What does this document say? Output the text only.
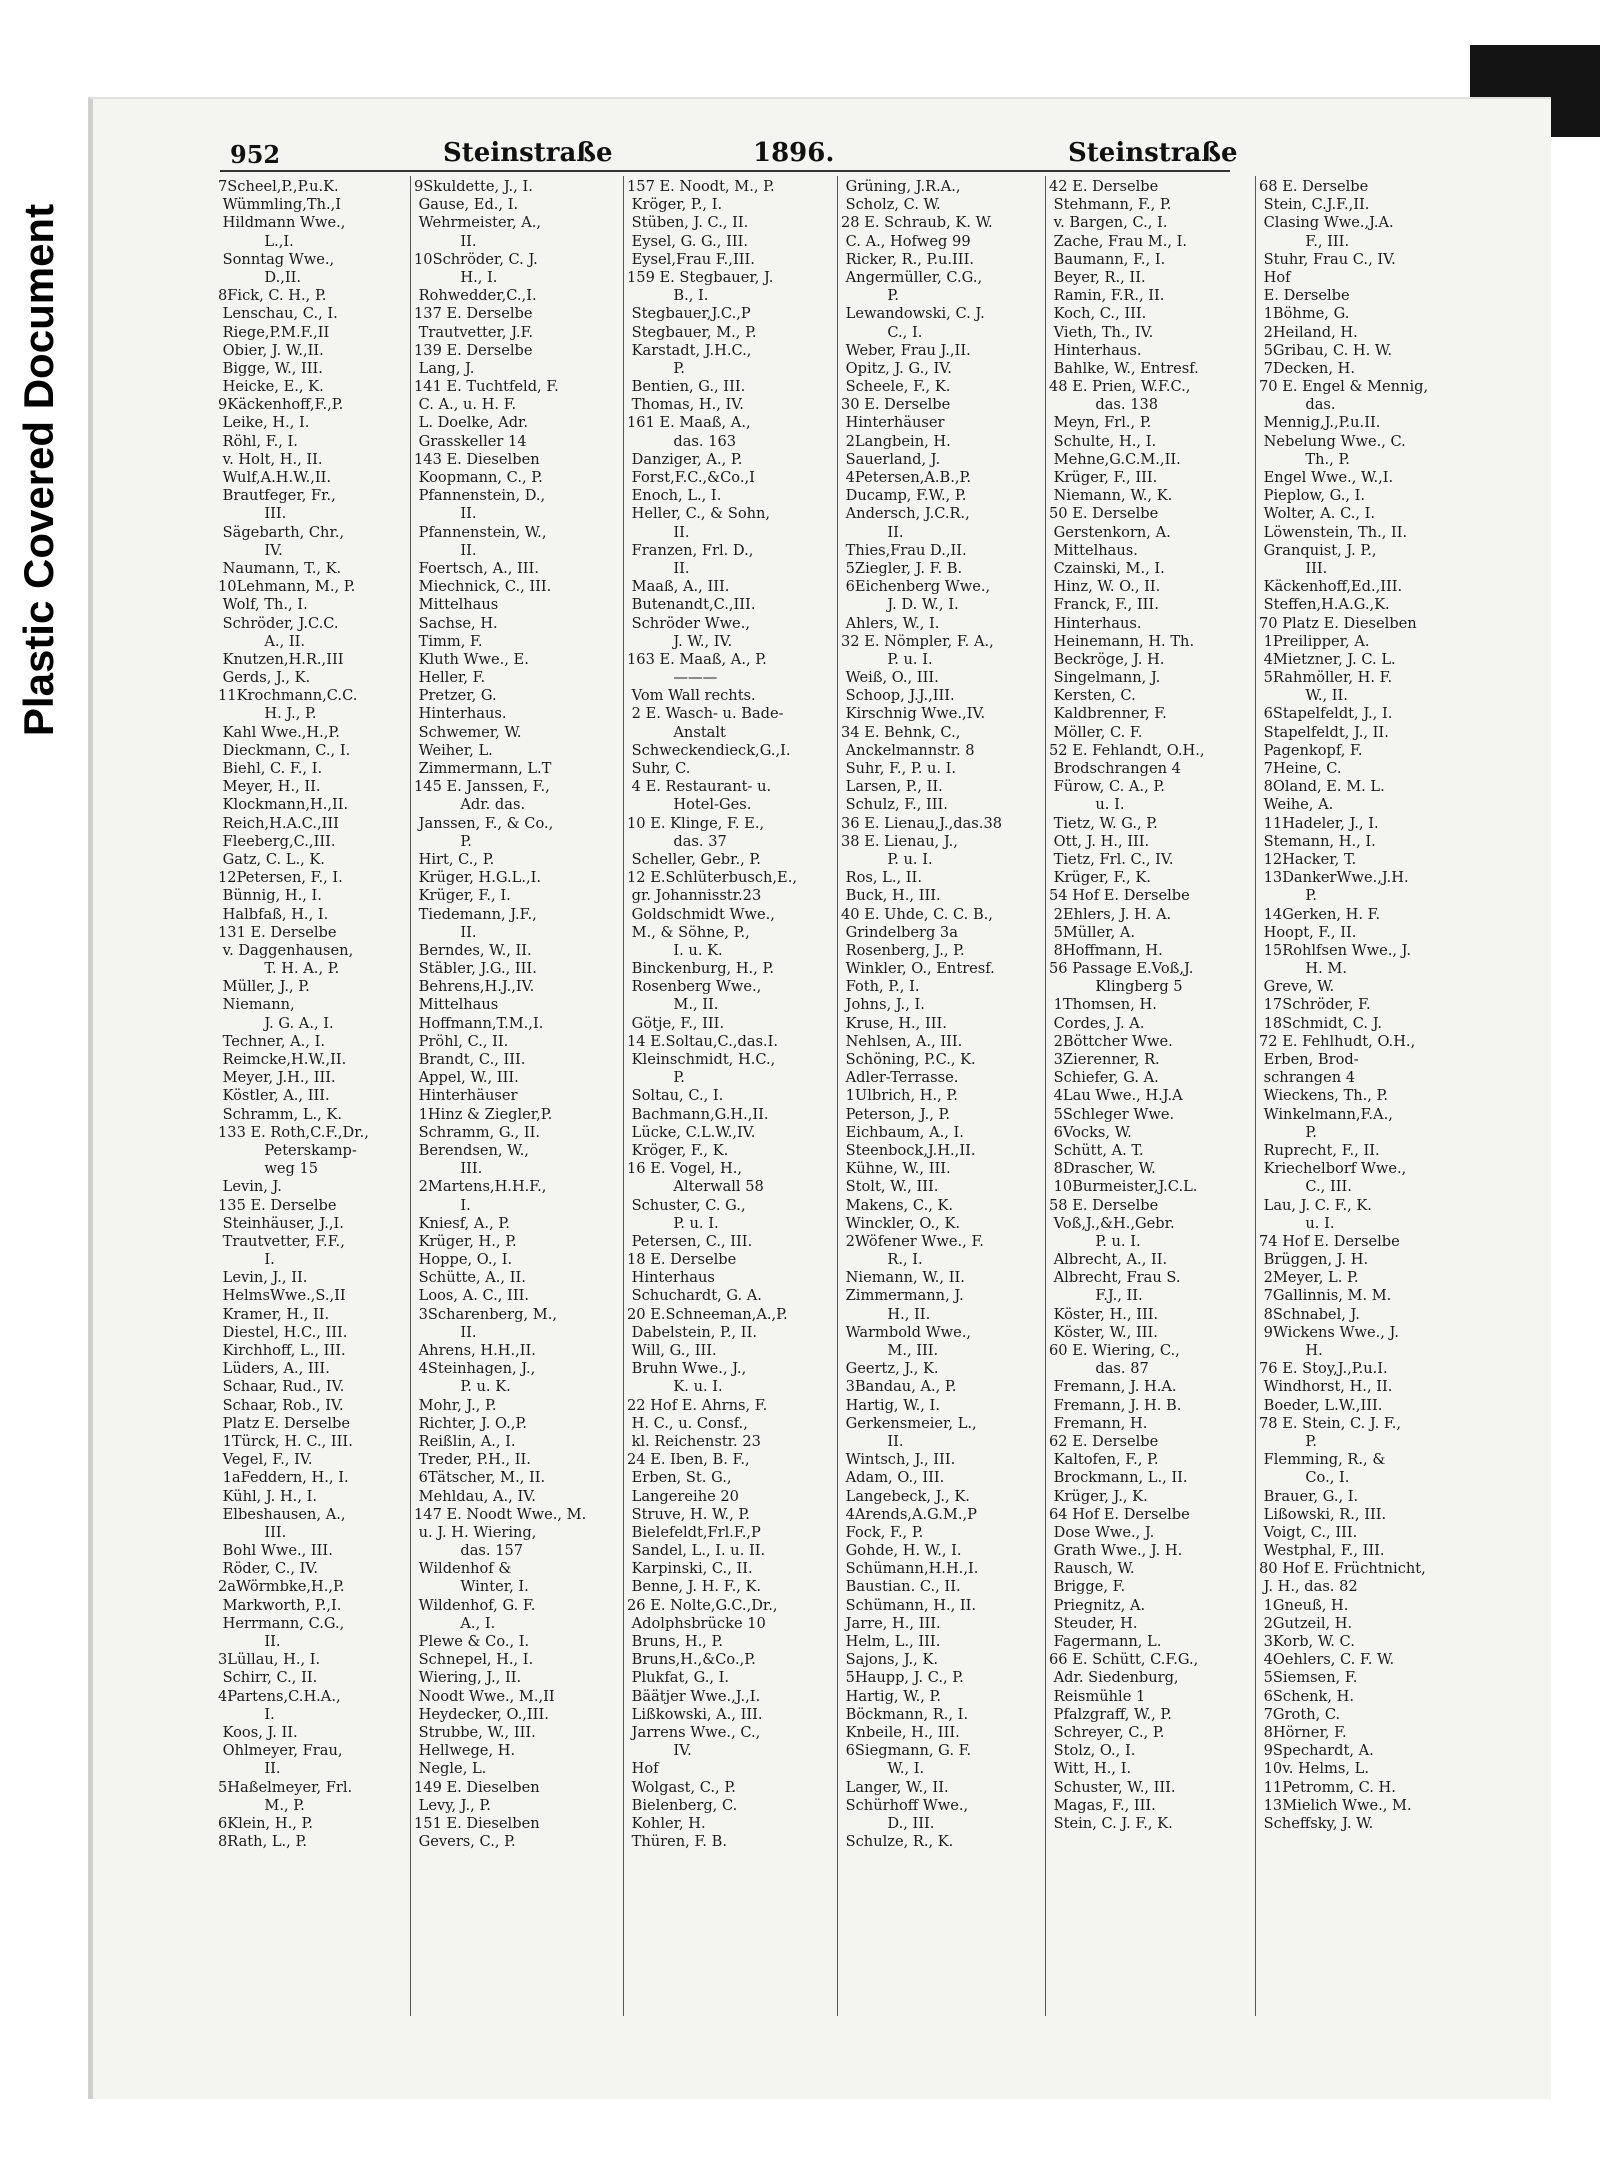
Plastic Covered Document
952	Steinstraße	1896.	Steinstraße
7Scheel,P.,P.u.K.
Wümmling,Th.,I
Hildmann Wwe.,
L.,I.
Sonntag Wwe.,
D.,II.
8Fick, C. H., P.
Lenschau, C., I.
Riege,P.M.F.,II
Obier, J. W.,II.
Bigge, W., III.
Heicke, E., K.
9Käckenhoff,F.,P.
Leike, H., I.
Röhl, F., I.
v. Holt, H., II.
Wulf,A.H.W.,II.
Brautfeger, Fr.,
III.
Sägebarth, Chr.,
IV.
Naumann, T., K.
10Lehmann, M., P.
Wolf, Th., I.
Schröder, J.C.C.
A., II.
Knutzen,H.R.,III
Gerds, J., K.
11Krochmann,C.C.
H. J., P.
Kahl Wwe.,H.,P.
Dieckmann, C., I.
Biehl, C. F., I.
Meyer, H., II.
Klockmann,H.,II.
Reich,H.A.C.,III
Fleeberg,C.,III.
Gatz, C. L., K.
12Petersen, F., I.
Bünnig, H., I.
Halbfaß, H., I.
131 E. Derselbe
v. Daggenhausen,
T. H. A., P.
Müller, J., P.
Niemann,
J. G. A., I.
Techner, A., I.
Reimcke,H.W.,II.
Meyer, J.H., III.
Köstler, A., III.
Schramm, L., K.
133 E. Roth,C.F.,Dr.,
Peterskamp-
weg 15
Levin, J.
135 E. Derselbe
Steinhäuser, J.,I.
Trautvetter, F.F.,
I.
Levin, J., II.
HelmsWwe.,S.,II
Kramer, H., II.
Diestel, H.C., III.
Kirchhoff, L., III.
Lüders, A., III.
Schaar, Rud., IV.
Schaar, Rob., IV.
Platz E. Derselbe
1Türck, H. C., III.
Vegel, F., IV.
1aFeddern, H., I.
Kühl, J. H., I.
Elbeshausen, A.,
III.
Bohl Wwe., III.
Röder, C., IV.
2aWörmbke,H.,P.
Markworth, P.,I.
Herrmann, C.G.,
II.
3Lüllau, H., I.
Schirr, C., II.
4Partens,C.H.A.,
I.
Koos, J. II.
Ohlmeyer, Frau,
II.
5Haßelmeyer, Frl.
M., P.
6Klein, H., P.
8Rath, L., P.
9Skuldette, J., I.
Gause, Ed., I.
Wehrmeister, A.,
II.
10Schröder, C. J.
H., I.
Rohwedder,C.,I.
137 E. Derselbe
Trautvetter, J.F.
139 E. Derselbe
Lang, J.
141 E. Tuchtfeld, F.
C. A., u. H. F.
L. Doelke, Adr.
Grasskeller 14
143 E. Dieselben
Koopmann, C., P.
Pfannenstein, D.,
II.
Pfannenstein, W.,
II.
Foertsch, A., III.
Miechnick, C., III.
Mittelhaus
Sachse, H.
Timm, F.
Kluth Wwe., E.
Heller, F.
Pretzer, G.
Hinterhaus.
Schwemer, W.
Weiher, L.
Zimmermann, L.T
145 E. Janssen, F.,
Adr. das.
Janssen, F., & Co.,
P.
Hirt, C., P.
Krüger, H.G.L.,I.
Krüger, F., I.
Tiedemann, J.F.,
II.
Berndes, W., II.
Stäbler, J.G., III.
Behrens,H.J.,IV.
Mittelhaus
Hoffmann,T.M.,I.
Pröhl, C., II.
Brandt, C., III.
Appel, W., III.
Hinterhäuser
1Hinz & Ziegler,P.
Schramm, G., II.
Berendsen, W.,
III.
2Martens,H.H.F.,
I.
Kniesf, A., P.
Krüger, H., P.
Hoppe, O., I.
Schütte, A., II.
Loos, A. C., III.
3Scharenberg, M.,
II.
Ahrens, H.H.,II.
4Steinhagen, J.,
P. u. K.
Mohr, J., P.
Richter, J. O.,P.
Reißlin, A., I.
Treder, P.H., II.
6Tätscher, M., II.
Mehldau, A., IV.
147 E. Noodt Wwe., M.
u. J. H. Wiering,
das. 157
Wildenhof &
Winter, I.
Wildenhof, G. F.
A., I.
Plewe & Co., I.
Schnepel, H., I.
Wiering, J., II.
Noodt Wwe., M.,II
Heydecker, O.,III.
Strubbe, W., III.
Hellwege, H.
Negle, L.
149 E. Dieselben
Levy, J., P.
151 E. Dieselben
Gevers, C., P.
157 E. Noodt, M., P.
Kröger, P., I.
Stüben, J. C., II.
Eysel, G. G., III.
Eysel,Frau F.,III.
159 E. Stegbauer, J.
B., I.
Stegbauer,J.C.,P
Stegbauer, M., P.
Karstadt, J.H.C.,
P.
Bentien, G., III.
Thomas, H., IV.
161 E. Maaß, A.,
das. 163
Danziger, A., P.
Forst,F.C.,&Co.,I
Enoch, L., I.
Heller, C., & Sohn,
II.
Franzen, Frl. D.,
II.
Maaß, A., III.
Butenandt,C.,III.
Schröder Wwe.,
J. W., IV.
163 E. Maaß, A., P.
———
Vom Wall rechts.
2 E. Wasch- u. Bade-
Anstalt
Schweckendieck,G.,I.
Suhr, C.
4 E. Restaurant- u.
Hotel-Ges.
10 E. Klinge, F. E.,
das. 37
Scheller, Gebr., P.
12 E.Schlüterbusch,E.,
gr. Johannisstr.23
Goldschmidt Wwe.,
M., & Söhne, P.,
I. u. K.
Binckenburg, H., P.
Rosenberg Wwe.,
M., II.
Götje, F., III.
14 E.Soltau,C.,das.I.
Kleinschmidt, H.C.,
P.
Soltau, C., I.
Bachmann,G.H.,II.
Lücke, C.L.W.,IV.
Kröger, F., K.
16 E. Vogel, H.,
Alterwall 58
Schuster, C. G.,
P. u. I.
Petersen, C., III.
18 E. Derselbe
Hinterhaus
Schuchardt, G. A.
20 E.Schneeman,A.,P.
Dabelstein, P., II.
Will, G., III.
Bruhn Wwe., J.,
K. u. I.
22 Hof E. Ahrns, F.
H. C., u. Consf.,
kl. Reichenstr. 23
24 E. Iben, B. F.,
Erben, St. G.,
Langereihe 20
Struve, H. W., P.
Bielefeldt,Frl.F.,P
Sandel, L., I. u. II.
Karpinski, C., II.
Benne, J. H. F., K.
26 E. Nolte,G.C.,Dr.,
Adolphsbrücke 10
Bruns, H., P.
Bruns,H.,&Co.,P.
Plukfat, G., I.
Bäätjer Wwe.,J.,I.
Lißkowski, A., III.
Jarrens Wwe., C.,
IV.
Hof
Wolgast, C., P.
Bielenberg, C.
Kohler, H.
Thüren, F. B.
Grüning, J.R.A.,
Scholz, C. W.
28 E. Schraub, K. W.
C. A., Hofweg 99
Ricker, R., P.u.III.
Angermüller, C.G.,
P.
Lewandowski, C. J.
C., I.
Weber, Frau J.,II.
Opitz, J. G., IV.
Scheele, F., K.
30 E. Derselbe
Hinterhäuser
2Langbein, H.
Sauerland, J.
4Petersen,A.B.,P.
Ducamp, F.W., P.
Andersch, J.C.R.,
II.
Thies,Frau D.,II.
5Ziegler, J. F. B.
6Eichenberg Wwe.,
J. D. W., I.
Ahlers, W., I.
32 E. Nömpler, F. A.,
P. u. I.
Weiß, O., III.
Schoop, J.J.,III.
Kirschnig Wwe.,IV.
34 E. Behnk, C.,
Anckelmannstr. 8
Suhr, F., P. u. I.
Larsen, P., II.
Schulz, F., III.
36 E. Lienau,J.,das.38
38 E. Lienau, J.,
P. u. I.
Ros, L., II.
Buck, H., III.
40 E. Uhde, C. C. B.,
Grindelberg 3a
Rosenberg, J., P.
Winkler, O., Entresf.
Foth, P., I.
Johns, J., I.
Kruse, H., III.
Nehlsen, A., III.
Schöning, P.C., K.
Adler-Terrasse.
1Ulbrich, H., P.
Peterson, J., P.
Eichbaum, A., I.
Steenbock,J.H.,II.
Kühne, W., III.
Stolt, W., III.
Makens, C., K.
Winckler, O., K.
2Wöfener Wwe., F.
R., I.
Niemann, W., II.
Zimmermann, J.
H., II.
Warmbold Wwe.,
M., III.
Geertz, J., K.
3Bandau, A., P.
Hartig, W., I.
Gerkensmeier, L.,
II.
Wintsch, J., III.
Adam, O., III.
Langebeck, J., K.
4Arends,A.G.M.,P
Fock, F., P.
Gohde, H. W., I.
Schümann,H.H.,I.
Baustian. C., II.
Schümann, H., II.
Jarre, H., III.
Helm, L., III.
Sajons, J., K.
5Haupp, J. C., P.
Hartig, W., P.
Böckmann, R., I.
Knbeile, H., III.
6Siegmann, G. F.
W., I.
Langer, W., II.
Schürhoff Wwe.,
D., III.
Schulze, R., K.
42 E. Derselbe
Stehmann, F., P.
v. Bargen, C., I.
Zache, Frau M., I.
Baumann, F., I.
Beyer, R., II.
Ramin, F.R., II.
Koch, C., III.
Vieth, Th., IV.
Hinterhaus.
Bahlke, W., Entresf.
48 E. Prien, W.F.C.,
das. 138
Meyn, Frl., P.
Schulte, H., I.
Mehne,G.C.M.,II.
Krüger, F., III.
Niemann, W., K.
50 E. Derselbe
Gerstenkorn, A.
Mittelhaus.
Czainski, M., I.
Hinz, W. O., II.
Franck, F., III.
Hinterhaus.
Heinemann, H. Th.
Beckröge, J. H.
Singelmann, J.
Kersten, C.
Kaldbrenner, F.
Möller, C. F.
52 E. Fehlandt, O.H.,
Brodschrangen 4
Fürow, C. A., P.
u. I.
Tietz, W. G., P.
Ott, J. H., III.
Tietz, Frl. C., IV.
Krüger, F., K.
54 Hof E. Derselbe
2Ehlers, J. H. A.
5Müller, A.
8Hoffmann, H.
56 Passage E.Voß,J.
Klingberg 5
1Thomsen, H.
Cordes, J. A.
2Böttcher Wwe.
3Zierenner, R.
Schiefer, G. A.
4Lau Wwe., H.J.A
5Schleger Wwe.
6Vocks, W.
Schütt, A. T.
8Drascher, W.
10Burmeister,J.C.L.
58 E. Derselbe
Voß,J.,&H.,Gebr.
P. u. I.
Albrecht, A., II.
Albrecht, Frau S.
F.J., II.
Köster, H., III.
Köster, W., III.
60 E. Wiering, C.,
das. 87
Fremann, J. H.A.
Fremann, J. H. B.
Fremann, H.
62 E. Derselbe
Kaltofen, F., P.
Brockmann, L., II.
Krüger, J., K.
64 Hof E. Derselbe
Dose Wwe., J.
Grath Wwe., J. H.
Rausch, W.
Brigge, F.
Priegnitz, A.
Steuder, H.
Fagermann, L.
66 E. Schütt, C.F.G.,
Adr. Siedenburg,
Reismühle 1
Pfalzgraff, W., P.
Schreyer, C., P.
Stolz, O., I.
Witt, H., I.
Schuster, W., III.
Magas, F., III.
Stein, C. J. F., K.
68 E. Derselbe
Stein, C.J.F.,II.
Clasing Wwe.,J.A.
F., III.
Stuhr, Frau C., IV.
Hof
E. Derselbe
1Böhme, G.
2Heiland, H.
5Gribau, C. H. W.
7Decken, H.
70 E. Engel & Mennig,
das.
Mennig,J.,P.u.II.
Nebelung Wwe., C.
Th., P.
Engel Wwe., W.,I.
Pieplow, G., I.
Wolter, A. C., I.
Löwenstein, Th., II.
Granquist, J. P.,
III.
Käckenhoff,Ed.,III.
Steffen,H.A.G.,K.
70 Platz E. Dieselben
1Preilipper, A.
4Mietzner, J. C. L.
5Rahmöller, H. F.
W., II.
6Stapelfeldt, J., I.
Stapelfeldt, J., II.
Pagenkopf, F.
7Heine, C.
8Oland, E. M. L.
Weihe, A.
11Hadeler, J., I.
Stemann, H., I.
12Hacker, T.
13DankerWwe.,J.H.
P.
14Gerken, H. F.
Hoopt, F., II.
15Rohlfsen Wwe., J.
H. M.
Greve, W.
17Schröder, F.
18Schmidt, C. J.
72 E. Fehlhudt, O.H.,
Erben, Brod-
schrangen 4
Wieckens, Th., P.
Winkelmann,F.A.,
P.
Ruprecht, F., II.
Kriechelborf Wwe.,
C., III.
Lau, J. C. F., K.
u. I.
74 Hof E. Derselbe
Brüggen, J. H.
2Meyer, L. P.
7Gallinnis, M. M.
8Schnabel, J.
9Wickens Wwe., J.
H.
76 E. Stoy,J.,P.u.I.
Windhorst, H., II.
Boeder, L.W.,III.
78 E. Stein, C. J. F.,
P.
Flemming, R., &
Co., I.
Brauer, G., I.
Lißowski, R., III.
Voigt, C., III.
Westphal, F., III.
80 Hof E. Früchtnicht,
J. H., das. 82
1Gneuß, H.
2Gutzeil, H.
3Korb, W. C.
4Oehlers, C. F. W.
5Siemsen, F.
6Schenk, H.
7Groth, C.
8Hörner, F.
9Spechardt, A.
10v. Helms, L.
11Petromm, C. H.
13Mielich Wwe., M.
Scheffsky, J. W.
